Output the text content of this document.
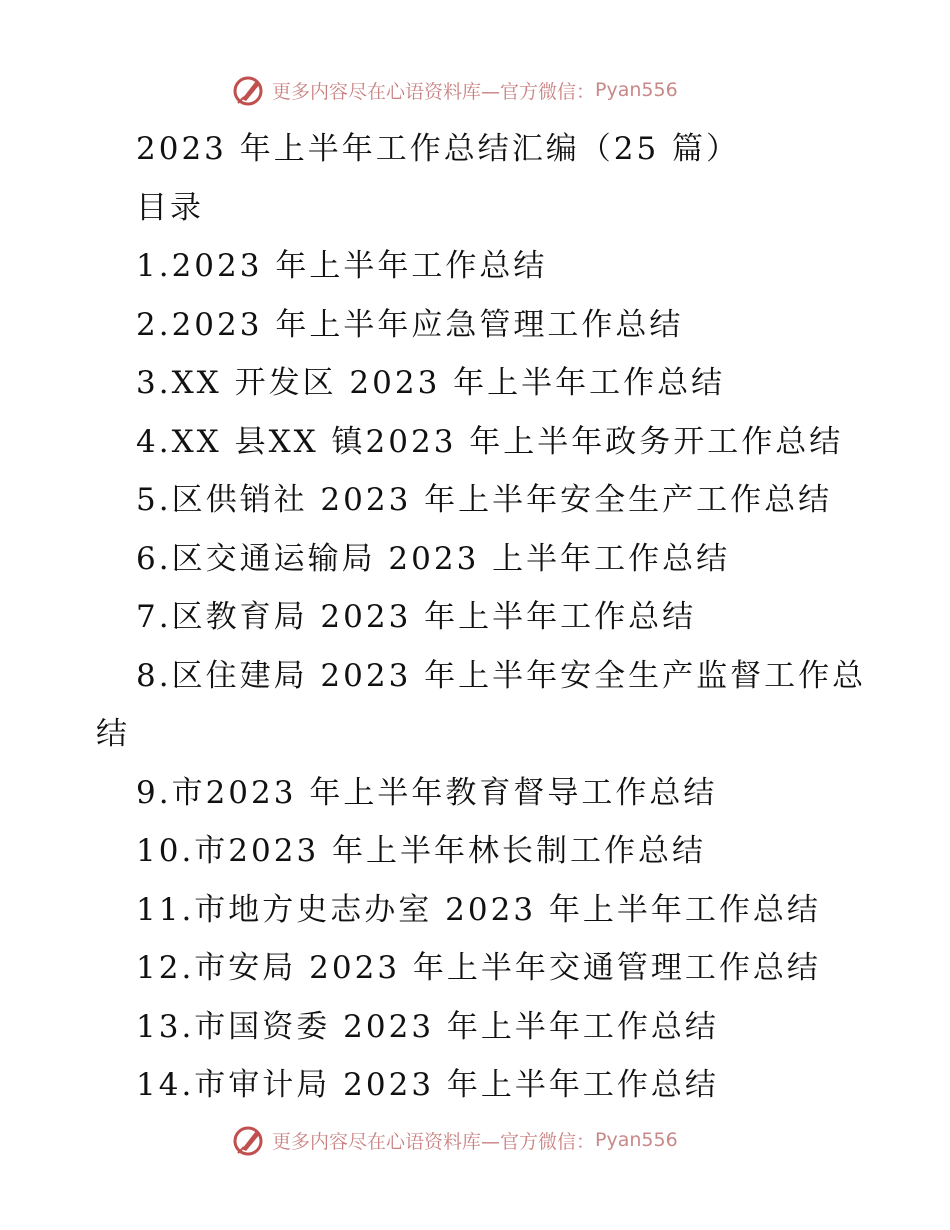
更多内容尽在心语资料库—官方微信： Pyan556
2023 年上半年工作总结汇编（25 篇）
目录
1.2023 年上半年工作总结
2.2023 年上半年应急管理工作总结
3.XX 开发区 2023 年上半年工作总结
4.XX 县XX 镇2023 年上半年政务开工作总结
5.区供销社 2023 年上半年安全生产工作总结
6.区交通运输局 2023 上半年工作总结
7.区教育局 2023 年上半年工作总结
8.区住建局 2023 年上半年安全生产监督工作总
结
9.市2023 年上半年教育督导工作总结
10.市2023 年上半年林长制工作总结
11.市地方史志办室 2023 年上半年工作总结
12.市安局 2023 年上半年交通管理工作总结
13.市国资委 2023 年上半年工作总结
14.市审计局 2023 年上半年工作总结
更多内容尽在心语资料库—官方微信： Pyan556
